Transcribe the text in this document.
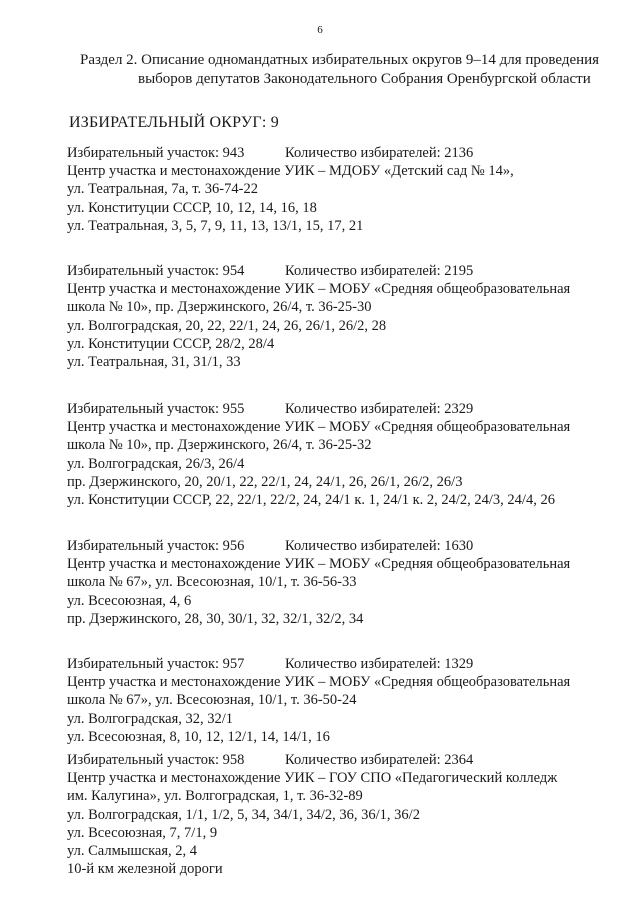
6
Раздел 2. Описание одномандатных избирательных округов 9–14 для проведения
выборов депутатов Законодательного Собрания Оренбургской области
ИЗБИРАТЕЛЬНЫЙ ОКРУГ: 9
Избирательный участок: 943	Количество избирателей: 2136
Центр участка и местонахождение УИК – МДОБУ «Детский сад № 14»,
ул. Театральная, 7а, т. 36-74-22
ул. Конституции СССР, 10, 12, 14, 16, 18
ул. Театральная, 3, 5, 7, 9, 11, 13, 13/1, 15, 17, 21
Избирательный участок: 954	Количество избирателей: 2195
Центр участка и местонахождение УИК – МОБУ «Средняя общеобразовательная
школа № 10», пр. Дзержинского, 26/4, т. 36-25-30
ул. Волгоградская, 20, 22, 22/1, 24, 26, 26/1, 26/2, 28
ул. Конституции СССР, 28/2, 28/4
ул. Театральная, 31, 31/1, 33
Избирательный участок: 955	Количество избирателей: 2329
Центр участка и местонахождение УИК – МОБУ «Средняя общеобразовательная
школа № 10», пр. Дзержинского, 26/4, т. 36-25-32
ул. Волгоградская, 26/3, 26/4
пр. Дзержинского, 20, 20/1, 22, 22/1, 24, 24/1, 26, 26/1, 26/2, 26/3
ул. Конституции СССР, 22, 22/1, 22/2, 24, 24/1 к. 1, 24/1 к. 2, 24/2, 24/3, 24/4, 26
Избирательный участок: 956	Количество избирателей: 1630
Центр участка и местонахождение УИК – МОБУ «Средняя общеобразовательная
школа № 67», ул. Всесоюзная, 10/1, т. 36-56-33
ул. Всесоюзная, 4, 6
пр. Дзержинского, 28, 30, 30/1, 32, 32/1, 32/2, 34
Избирательный участок: 957	Количество избирателей: 1329
Центр участка и местонахождение УИК – МОБУ «Средняя общеобразовательная
школа № 67», ул. Всесоюзная, 10/1, т. 36-50-24
ул. Волгоградская, 32, 32/1
ул. Всесоюзная, 8, 10, 12, 12/1, 14, 14/1, 16
Избирательный участок: 958	Количество избирателей: 2364
Центр участка и местонахождение УИК – ГОУ СПО «Педагогический колледж
им. Калугина», ул. Волгоградская, 1, т. 36-32-89
ул. Волгоградская, 1/1, 1/2, 5, 34, 34/1, 34/2, 36, 36/1, 36/2
ул. Всесоюзная, 7, 7/1, 9
ул. Салмышская, 2, 4
10-й км железной дороги
